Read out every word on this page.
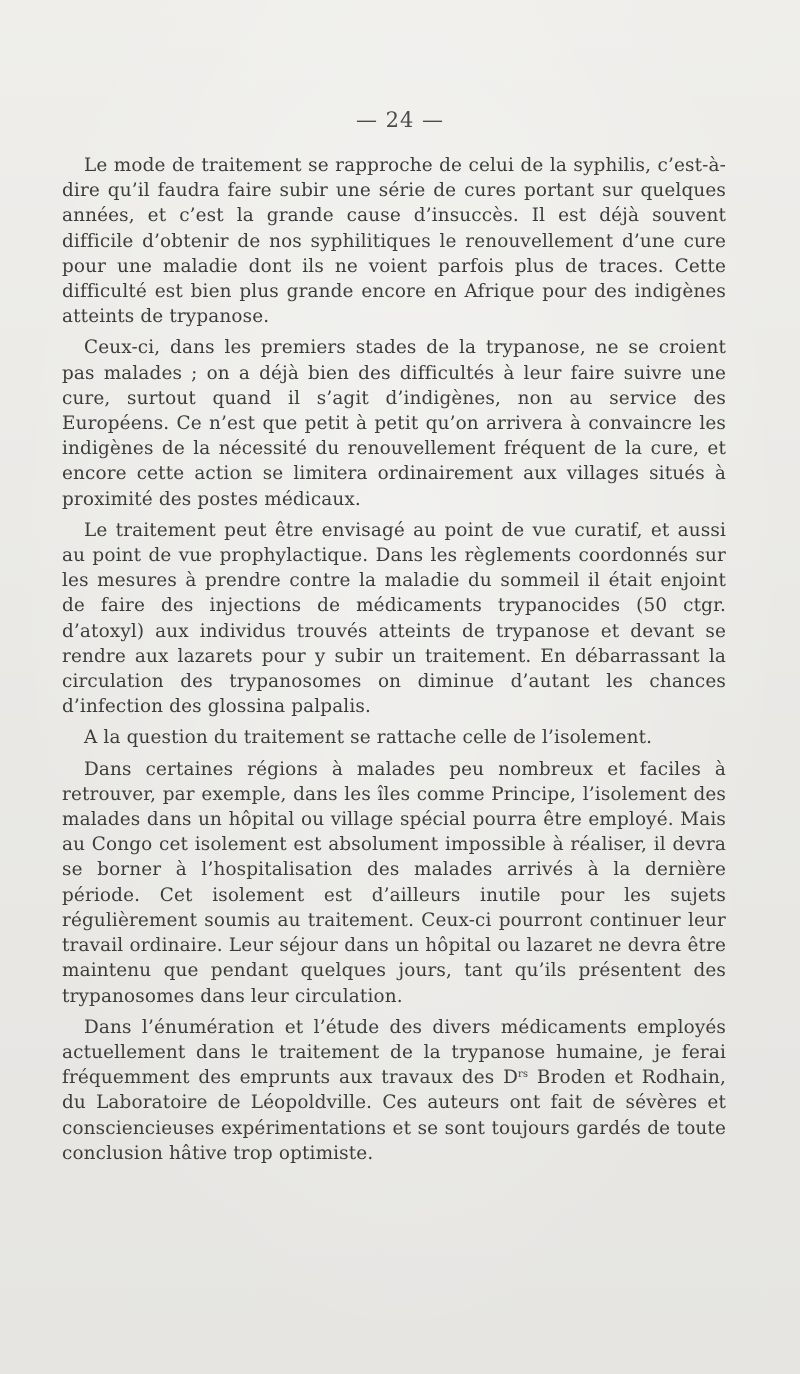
— 24 —

Le mode de traitement se rapproche de celui de la syphilis, c’est-à-dire qu’il faudra faire subir une série de cures portant sur quelques années, et c’est la grande cause d’insuccès. Il est déjà souvent difficile d’obtenir de nos syphilitiques le renouvellement d’une cure pour une maladie dont ils ne voient parfois plus de traces. Cette difficulté est bien plus grande encore en Afrique pour des indigènes atteints de trypanose.

Ceux-ci, dans les premiers stades de la trypanose, ne se croient pas malades ; on a déjà bien des difficultés à leur faire suivre une cure, surtout quand il s’agit d’indigènes, non au service des Européens. Ce n’est que petit à petit qu’on arrivera à convaincre les indigènes de la nécessité du renouvellement fréquent de la cure, et encore cette action se limitera ordinairement aux villages situés à proximité des postes médicaux.

Le traitement peut être envisagé au point de vue curatif, et aussi au point de vue prophylactique. Dans les règlements coordonnés sur les mesures à prendre contre la maladie du sommeil il était enjoint de faire des injections de médicaments trypanocides (50 ctgr. d’atoxyl) aux individus trouvés atteints de trypanose et devant se rendre aux lazarets pour y subir un traitement. En débarrassant la circulation des trypanosomes on diminue d’autant les chances d’infection des glossina palpalis.

A la question du traitement se rattache celle de l’isolement.

Dans certaines régions à malades peu nombreux et faciles à retrouver, par exemple, dans les îles comme Principe, l’isolement des malades dans un hôpital ou village spécial pourra être employé. Mais au Congo cet isolement est absolument impossible à réaliser, il devra se borner à l’hospitalisation des malades arrivés à la dernière période. Cet isolement est d’ailleurs inutile pour les sujets régulièrement soumis au traitement. Ceux-ci pourront continuer leur travail ordinaire. Leur séjour dans un hôpital ou lazaret ne devra être maintenu que pendant quelques jours, tant qu’ils présentent des trypanosomes dans leur circulation.

Dans l’énumération et l’étude des divers médicaments employés actuellement dans le traitement de la trypanose humaine, je ferai fréquemment des emprunts aux travaux des $D^{rs}$ Broden et Rodhain, du Laboratoire de Léopoldville. Ces auteurs ont fait de sévères et consciencieuses expérimentations et se sont toujours gardés de toute conclusion hâtive trop optimiste.
